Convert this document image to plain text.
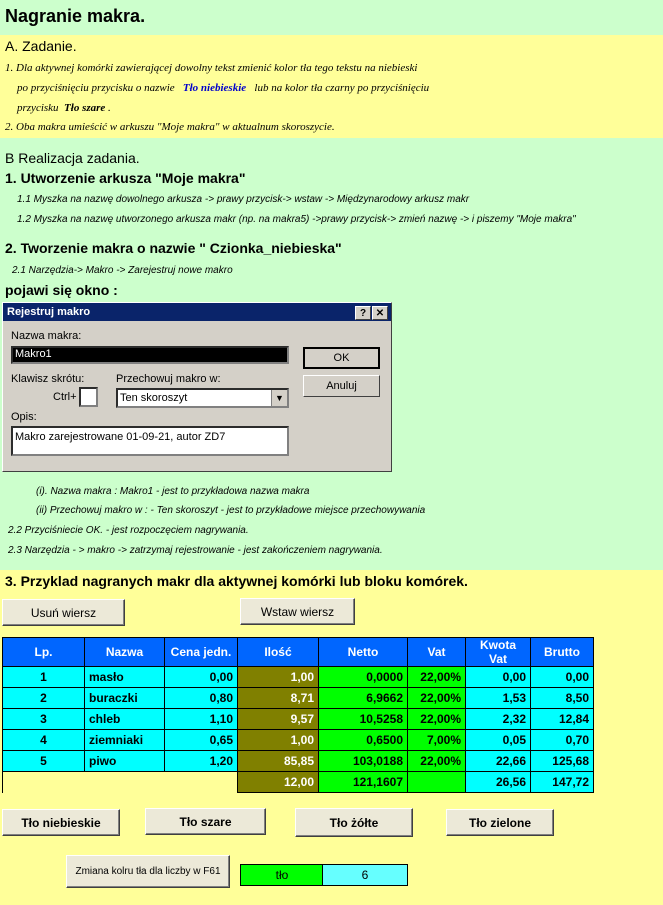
Nagranie makra.
A. Zadanie.
1. Dla aktywnej komórki zawierającej dowolny tekst zmienić kolor tła tego tekstu na niebieski
po przyciśnięciu przycisku o nazwie Tło niebieskie lub na kolor tła czarny po przyciśnięciu
przycisku Tło szare .
2. Oba makra umieścić w arkuszu "Moje makra" w aktualnum skoroszycie.
B Realizacja zadania.
1. Utworzenie arkusza "Moje makra"
1.1 Myszka na nazwę dowolnego arkusza -> prawy przycisk-> wstaw -> Międzynarodowy arkusz makr
1.2 Myszka na nazwę utworzonego arkusza makr (np. na makra5) ->prawy przycisk-> zmień nazwę -> i piszemy "Moje makra"
2. Tworzenie makra o nazwie " Czionka_niebieska"
2.1 Narzędzia-> Makro -> Zarejestruj nowe makro
pojawi się okno :
Rejestruj makro	? ✕
Nazwa makra:
Makro1	OK
Klawisz skrótu:
Ctrl+
Przechowuj makro w:
Ten skoroszyt	▼
Anuluj
Opis:
Makro zarejestrowane 01-09-21, autor ZD7
(i). Nazwa makra : Makro1 - jest to przykładowa nazwa makra
(ii) Przechowuj makro w : - Ten skoroszyt - jest to przykładowe miejsce przechowywania
2.2 Przyciśniecie OK. - jest rozpoczęciem nagrywania.
2.3 Narzędzia - > makro -> zatrzymaj rejestrowanie - jest zakończeniem nagrywania.
3. Przyklad nagranych makr dla aktywnej komórki lub bloku komórek.
Usuń wiersz	Wstaw wiersz
Lp.	Nazwa	Cena jedn.	Ilość	Netto	Vat	Kwota Vat	Brutto
1	masło	0,00	1,00	0,0000	22,00%	0,00	0,00
2	buraczki	0,80	8,71	6,9662	22,00%	1,53	8,50
3	chleb	1,10	9,57	10,5258	22,00%	2,32	12,84
4	ziemniaki	0,65	1,00	0,6500	7,00%	0,05	0,70
5	piwo	1,20	85,85	103,0188	22,00%	22,66	125,68
			12,00	121,1607		26,56	147,72
Tło niebieskie	Tło szare	Tło żółte	Tło zielone
Zmiana kolru tła dla liczby w F61	tło	6
